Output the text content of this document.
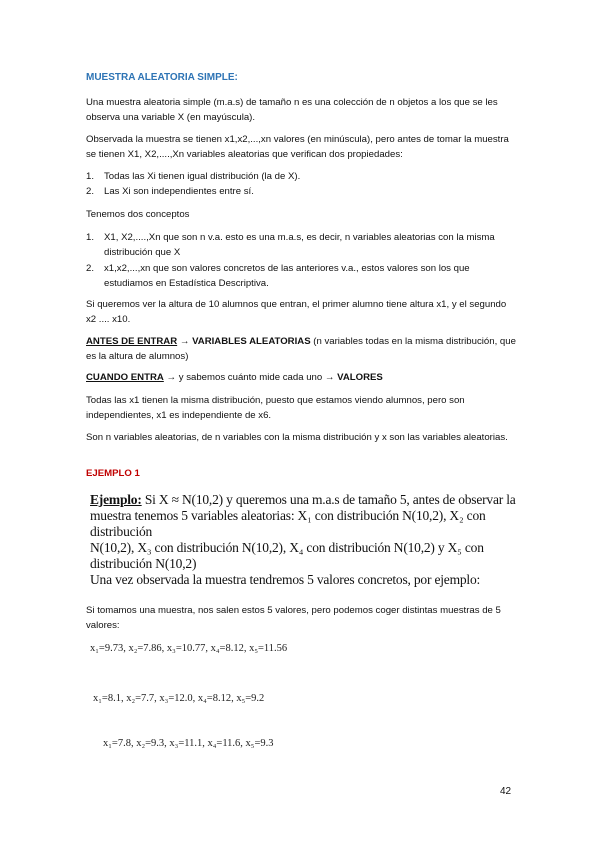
MUESTRA ALEATORIA SIMPLE:
Una muestra aleatoria simple (m.a.s) de tamaño n es una colección de n objetos a los que se les observa una variable X (en mayúscula).
Observada la muestra se tienen x1,x2,...,xn valores (en minúscula), pero antes de tomar la muestra se tienen X1, X2,....,Xn variables aleatorias que verifican dos propiedades:
1. Todas las Xi tienen igual distribución (la de X).
2. Las Xi son independientes entre sí.
Tenemos dos conceptos
1. X1, X2,....,Xn que son n v.a. esto es una m.a.s, es decir, n variables aleatorias con la misma distribución que X
2. x1,x2,...,xn que son valores concretos de las anteriores v.a., estos valores son los que estudiamos en Estadística Descriptiva.
Si queremos ver la altura de 10 alumnos que entran, el primer alumno tiene altura x1, y el segundo x2 .... x10.
ANTES DE ENTRAR → VARIABLES ALEATORIAS (n variables todas en la misma distribución, que es la altura de alumnos)
CUANDO ENTRA → y sabemos cuánto mide cada uno → VALORES
Todas las x1 tienen la misma distribución, puesto que estamos viendo alumnos, pero son independientes, x1 es independiente de x6.
Son n variables aleatorias, de n variables con la misma distribución y x son las variables aleatorias.
EJEMPLO 1
Ejemplo: Si X ≈ N(10,2) y queremos una m.a.s de tamaño 5, antes de observar la
muestra tenemos 5 variables aleatorias: X₁ con distribución N(10,2), X₂ con distribución
N(10,2), X₃ con distribución N(10,2), X₄ con distribución N(10,2) y X₅ con
distribución N(10,2)
Una vez observada la muestra tendremos 5 valores concretos, por ejemplo:
Si tomamos una muestra, nos salen estos 5 valores, pero podemos coger distintas muestras de 5 valores:
x₁=9.73, x₂=7.86, x₃=10.77, x₄=8.12, x₅=11.56
x₁=8.1, x₂=7.7, x₃=12.0, x₄=8.12, x₅=9.2
x₁=7.8, x₂=9.3, x₃=11.1, x₄=11.6, x₅=9.3
42
